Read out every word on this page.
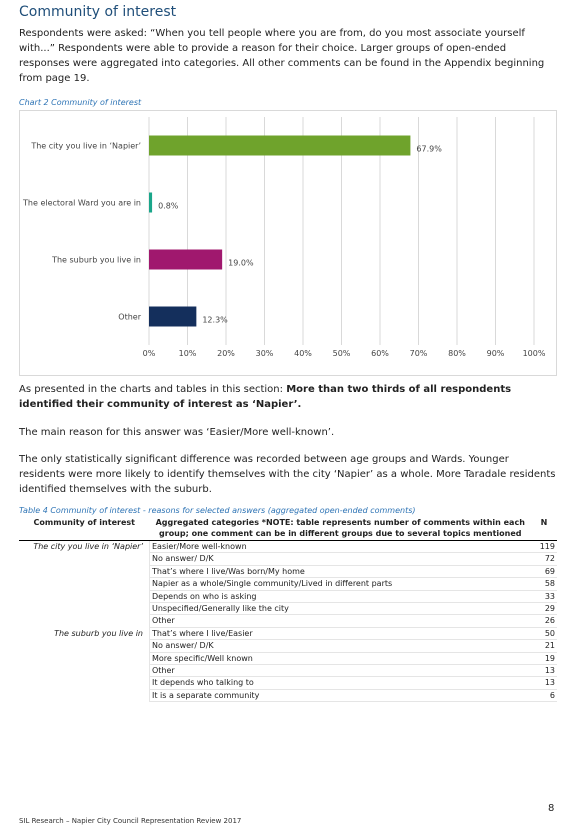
Community of interest
Respondents were asked: “When you tell people where you are from, do you most associate yourself with...” Respondents were able to provide a reason for their choice. Larger groups of open-ended responses were aggregated into categories. All other comments can be found in the Appendix beginning from page 19.
Chart 2 Community of interest
0%	10%	20%	30%	40%	50%	60%	70%	80%	90% 100%
The city you live in ‘Napier’	67.9%
The electoral Ward you are in 0.8%
The suburb you live in	19.0%
Other	12.3%
As presented in the charts and tables in this section: More than two thirds of all respondents identified their community of interest as ‘Napier’.
The main reason for this answer was ‘Easier/More well-known’.
The only statistically significant difference was recorded between age groups and Wards. Younger residents were more likely to identify themselves with the city ‘Napier’ as a whole. More Taradale residents identified themselves with the suburb.
Table 4 Community of interest - reasons for selected answers (aggregated open-ended comments)
Community of interest	Aggregated categories *NOTE: table represents number of comments within each group; one comment can be in different groups due to several topics mentioned	N
The city you live in ‘Napier’	Easier/More well-known	119
	No answer/ D/K	72
	That’s where I live/Was born/My home	69
	Napier as a whole/Single community/Lived in different parts	58
	Depends on who is asking	33
	Unspecified/Generally like the city	29
	Other	26
The suburb you live in	That’s where I live/Easier	50
	No answer/ D/K	21
	More specific/Well known	19
	Other	13
	It depends who talking to	13
	It is a separate community	6
8
SIL Research – Napier City Council Representation Review 2017
